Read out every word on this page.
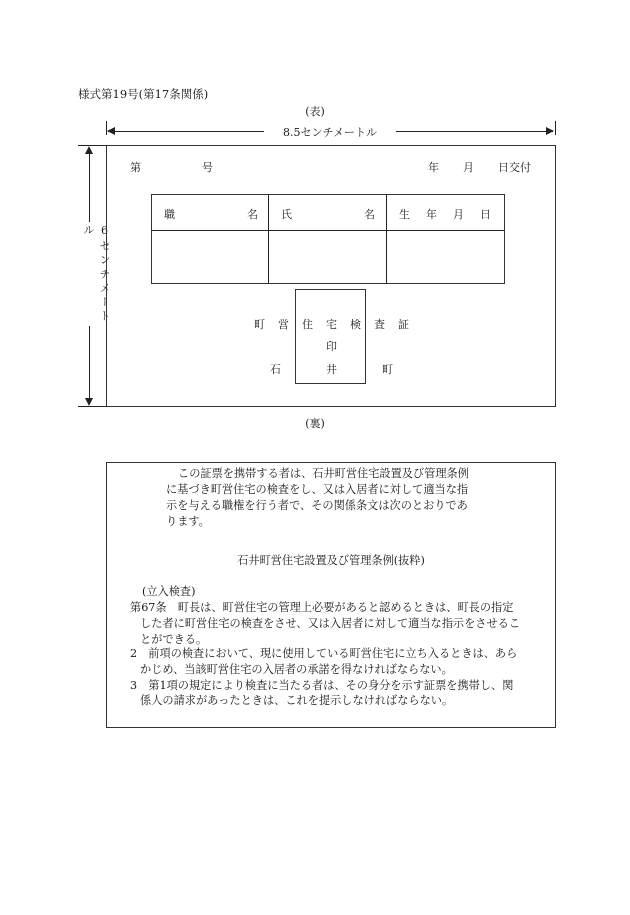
様式第19号(第17条関係)
(表)
8.5センチメートル
6センチメートル
第	号	年 月 日交付
職	名 氏	名 生 年 月 日
町 営 住 宅 検 査 証
印
石	井	町
(裏)
この証票を携帯する者は、石井町営住宅設置及び管理条例
に基づき町営住宅の検査をし、又は入居者に対して適当な指
示を与える職権を行う者で、その関係条文は次のとおりであ
ります。
石井町営住宅設置及び管理条例(抜粋)
(立入検査)
第67条　町長は、町営住宅の管理上必要があると認めるときは、町長の指定
した者に町営住宅の検査をさせ、又は入居者に対して適当な指示をさせるこ
とができる。
2　前項の検査において、現に使用している町営住宅に立ち入るときは、あら
かじめ、当該町営住宅の入居者の承諾を得なければならない。
3　第1項の規定により検査に当たる者は、その身分を示す証票を携帯し、関
係人の請求があったときは、これを提示しなければならない。
